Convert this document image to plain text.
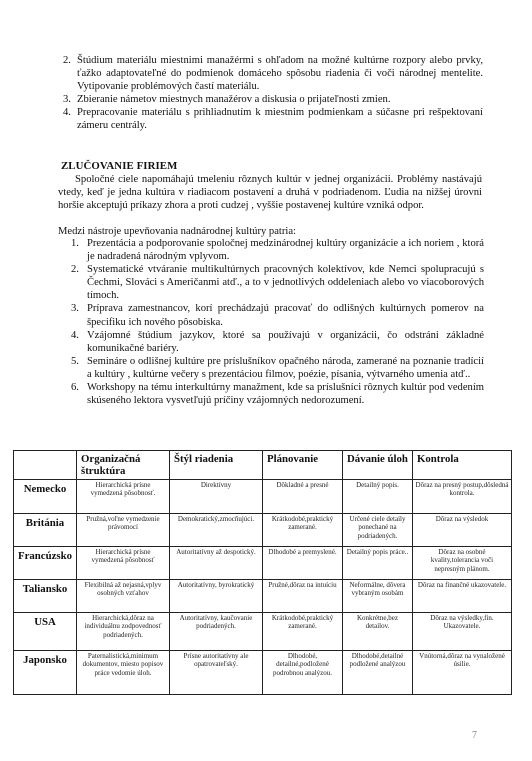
2. Štúdium materiálu miestnimi manažérmi s ohľadom na možné kultúrne rozpory alebo prvky, ťažko adaptovateľné do podmienok domáceho spôsobu riadenia či voči národnej mentelite. Vytipovanie problémových častí materiálu.
3. Zbieranie námetov miestnych manažérov a diskusia o prijateľnosti zmien.
4. Prepracovanie materiálu s prihliadnutím k miestnim podmienkam a súčasne pri rešpektovaní zámeru centrály.
ZLUČOVANIE FIRIEM
Spoločné ciele napomáhajú tmeleniu rôznych kultúr v jednej organizácii. Problémy nastávajú vtedy, keď je jedna kultúra v riadiacom postavení a druhá v podriadenom. Ľudia na nižšej úrovni horšie akceptujú príkazy zhora a proti cudzej , vyššie postavenej kultúre vzniká odpor.
Medzi nástroje upevňovania nadnárodnej kultúry patria:
1. Prezentácia a podporovanie spoločnej medzinárodnej kultúry organizácie a ich noriem , ktorá je nadradená národným vplyvom.
2. Systematické vtváranie multikultúrnych pracovných kolektívov, kde Nemci spolupracujú s Čechmi, Slováci s Američanmi atď., a to v jednotlivých oddeleniach alebo vo viacoborových tímoch.
3. Príprava zamestnancov, korí prechádzajú pracovať do odlišných kultúrnych pomerov na špecifiku ich nového pôsobiska.
4. Vzájomné štúdium jazykov, ktoré sa používajú v organizácii, čo odstráni základné komunikačné bariéry.
5. Semináre o odlišnej kultúre pre príslušníkov opačného národa, zamerané na poznanie tradícií a kultúry , kultúrne večery s prezentáciou filmov, poézie, písania, výtvarného umenia atď..
6. Workshopy na tému interkultúrny manažment, kde sa príslušníci rôznych kultúr pod vedením skúseného lektora vysvetľujú príčiny vzájomných nedorozumení.
	Organizačná štruktúra	Štýl riadenia	Plánovanie	Dávanie úloh	Kontrola
Nemecko	Hierarchická prísne vymedzená pôsobnosť.	Direktívny	Dôkladné a presné	Detailný popis.	Dôraz na presný postup,dôsledná kontrola.
Británia	Pružná,voľne vymedzenie právomocí	Demokratický,zmocňujúci.	Krátkodobé,praktický zamerané.	Určené ciele detaily ponechané na podriadených.	Dôraz na výsledok
Francúzsko	Hierarchická prísne vymedzená pôsobnosť	Autoritatívny až despotický.	Dlhodobé a premyslené.	Detailný popis práce..	Dôraz na osobné kvality,tolerancia voči nepresným plánom.
Taliansko	Flexibilná až nejasná,vplyv osobných vzťahov	Autoritatívny, byrokratický	Pružné,dôraz na intuíciu	Neformálne, dôvera vybraným osobám	Dôraz na finančné ukazovatele.
USA	Hierarchická,dôraz na individuálnu zodpovednosť podriadených.	Autoritatívny, kaučovanie podriadených.	Krátkodobé,praktický zamerané.	Konkrétne,bez detailov.	Dôraz na výsledky,fin. Ukazovatele.
Japonsko	Paternalistická,minimum dokumentov, miesto popisov práce vedomie úloh.	Prísne autoritatívny ale opatrovateľský.	Dlhodobé, detailné,podložené podrobnou analýzou.	Dlhodobé,detailné podložené analýzou	Vnútorná,dôraz na vynaložené úsilie.
7
